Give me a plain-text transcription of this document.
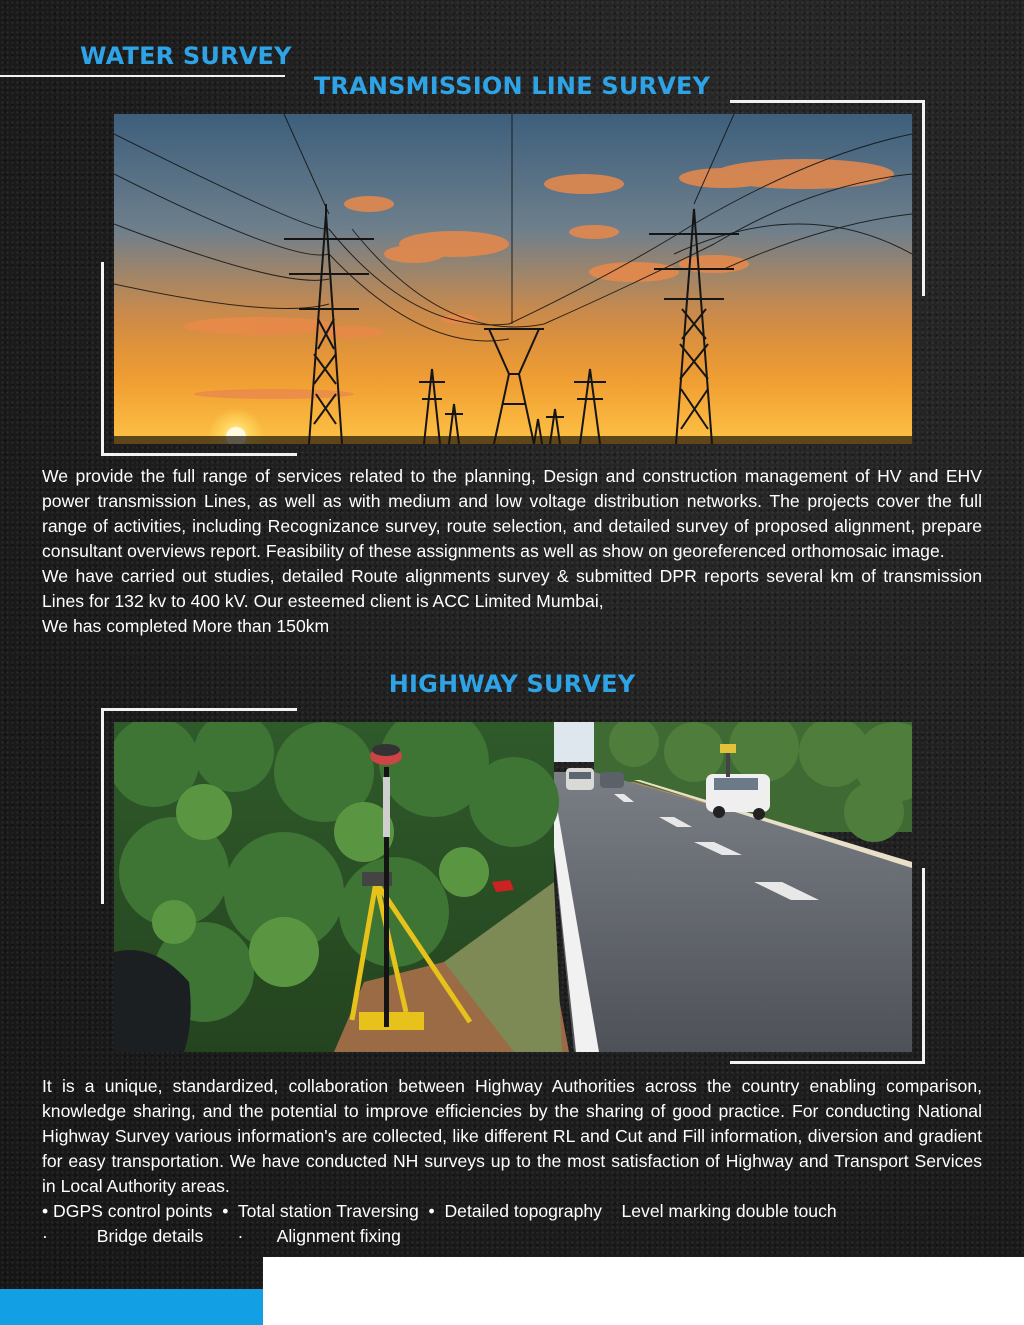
WATER SURVEY
TRANSMISSION LINE SURVEY

We provide the full range of services related to the planning, Design and construction management of HV and EHV power transmission Lines, as well as with medium and low voltage distribution networks. The projects cover the full range of activities, including Recognizance survey, route selection, and detailed survey of proposed alignment, prepare consultant overviews report. Feasibility of these assignments as well as show on georeferenced orthomosaic image.

We have carried out studies, detailed Route alignments survey & submitted DPR reports several km of transmission Lines for 132 kv to 400 kV. Our esteemed client is ACC Limited Mumbai,

We has completed More than 150km

HIGHWAY SURVEY

It is a unique, standardized, collaboration between Highway Authorities across the country enabling comparison, knowledge sharing, and the potential to improve efficiencies by the sharing of good practice. For conducting National Highway Survey various information's are collected, like different RL and Cut and Fill information, diversion and gradient for easy transportation. We have conducted NH surveys up to the most satisfaction of Highway and Transport Services in Local Authority areas.

• DGPS control points  •  Total station Traversing  •  Detailed topography    Level marking double touch

·          Bridge details       ·       Alignment fixing
